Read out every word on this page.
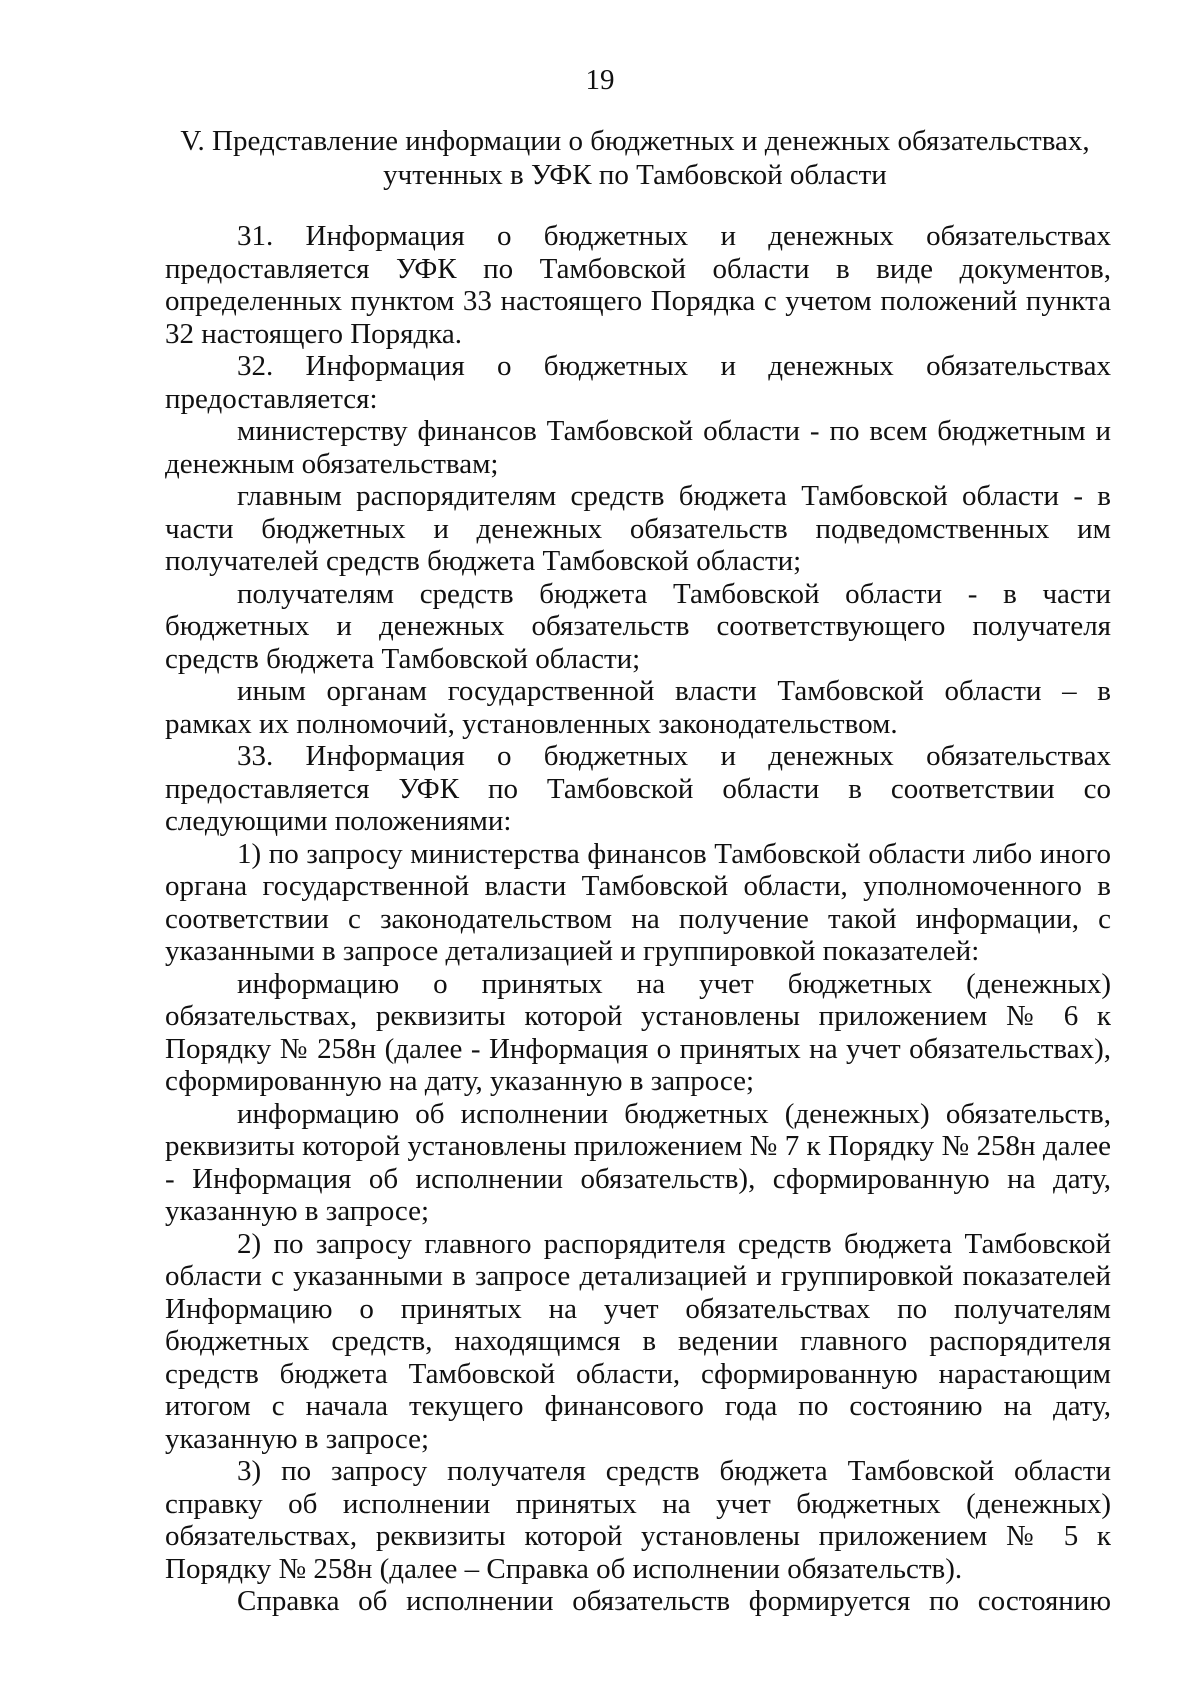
19
V. Представление информации о бюджетных и денежных обязательствах,
учтенных в УФК по Тамбовской области

31. Информация о бюджетных и денежных обязательствах предоставляется УФК по Тамбовской области в виде документов, определенных пунктом 33 настоящего Порядка с учетом положений пункта 32 настоящего Порядка.

32. Информация о бюджетных и денежных обязательствах предоставляется:

министерству финансов Тамбовской области - по всем бюджетным и денежным обязательствам;

главным распорядителям средств бюджета Тамбовской области - в части бюджетных и денежных обязательств подведомственных им получателей средств бюджета Тамбовской области;

получателям средств бюджета Тамбовской области - в части бюджетных и денежных обязательств соответствующего получателя средств бюджета Тамбовской области;

иным органам государственной власти Тамбовской области – в рамках их полномочий, установленных законодательством.

33. Информация о бюджетных и денежных обязательствах предоставляется УФК по Тамбовской области в соответствии со следующими положениями:

1) по запросу министерства финансов Тамбовской области либо иного органа государственной власти Тамбовской области, уполномоченного в соответствии с законодательством на получение такой информации, с указанными в запросе детализацией и группировкой показателей:

информацию о принятых на учет бюджетных (денежных) обязательствах, реквизиты которой установлены приложением № 6 к Порядку № 258н (далее - Информация о принятых на учет обязательствах), сформированную на дату, указанную в запросе;

информацию об исполнении бюджетных (денежных) обязательств, реквизиты которой установлены приложением № 7 к Порядку № 258н далее - Информация об исполнении обязательств), сформированную на дату, указанную в запросе;

2) по запросу главного распорядителя средств бюджета Тамбовской области с указанными в запросе детализацией и группировкой показателей Информацию о принятых на учет обязательствах по получателям бюджетных средств, находящимся в ведении главного распорядителя средств бюджета Тамбовской области, сформированную нарастающим итогом с начала текущего финансового года по состоянию на дату, указанную в запросе;

3) по запросу получателя средств бюджета Тамбовской области справку об исполнении принятых на учет бюджетных (денежных) обязательствах, реквизиты которой установлены приложением № 5 к Порядку № 258н (далее – Справка об исполнении обязательств).

Справка об исполнении обязательств формируется по состоянию
